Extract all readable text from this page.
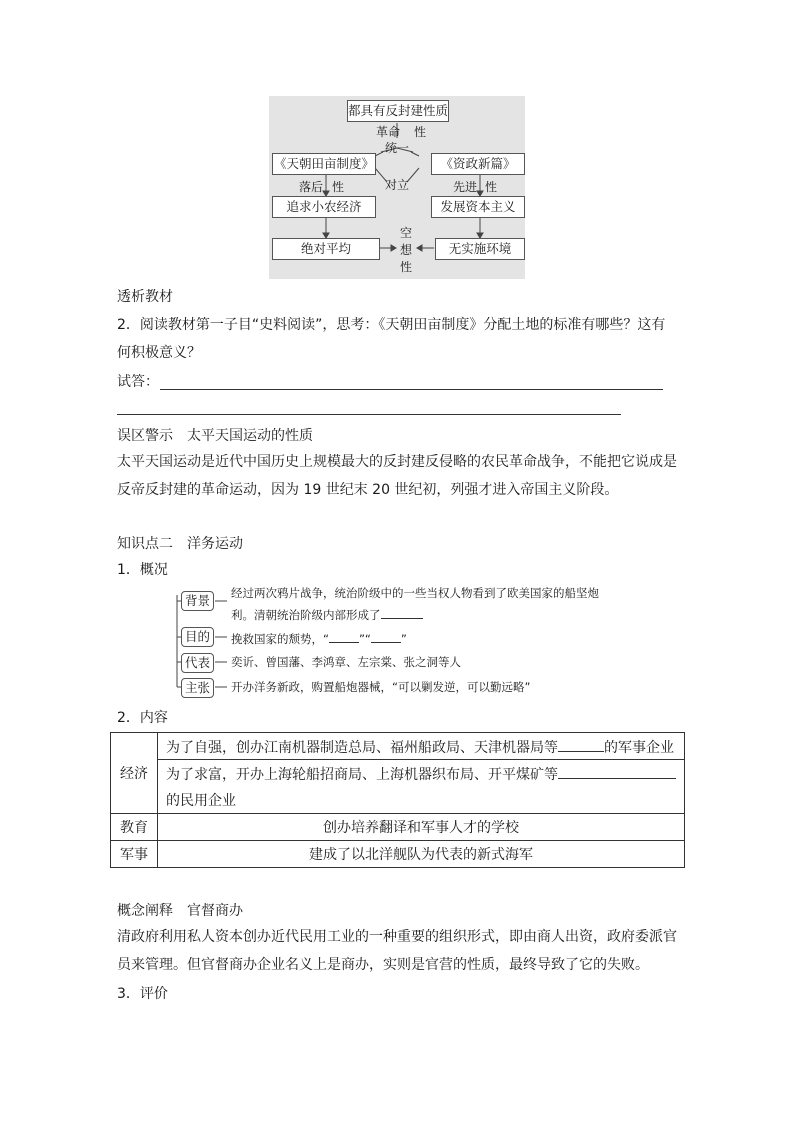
都具有反封建性质
革命 性
统一
《天朝田亩制度》	《资政新篇》
对立
落后 性	先进 性
追求小农经济	发展资本主义
空
想
性
绝对平均	无实施环境
透析教材
2．阅读教材第一子目“史料阅读”，思考：《天朝田亩制度》分配土地的标准有哪些？这有
何积极意义？
试答：
误区警示　太平天国运动的性质
太平天国运动是近代中国历史上规模最大的反封建反侵略的农民革命战争，不能把它说成是
反帝反封建的革命运动，因为 19 世纪末 20 世纪初，列强才进入帝国主义阶段。
知识点二　洋务运动
1．概况
背景	经过两次鸦片战争，统治阶级中的一些当权人物看到了欧美国家的船坚炮
利。清朝统治阶级内部形成了
目的	挽救国家的颓势，“	”“	”
代表	奕䜣、曾国藩、李鸿章、左宗棠、张之洞等人
主张	开办洋务新政，购置船炮器械，“可以剿发逆，可以勤远略”
2．内容
经济	为了自强，创办江南机器制造总局、福州船政局、天津机器局等 的军事企业
	为了求富，开办上海轮船招商局、上海机器织布局、开平煤矿等
	的民用企业
教育	创办培养翻译和军事人才的学校
军事	建成了以北洋舰队为代表的新式海军
概念阐释　官督商办
清政府利用私人资本创办近代民用工业的一种重要的组织形式，即由商人出资，政府委派官
员来管理。但官督商办企业名义上是商办，实则是官营的性质，最终导致了它的失败。
3．评价
